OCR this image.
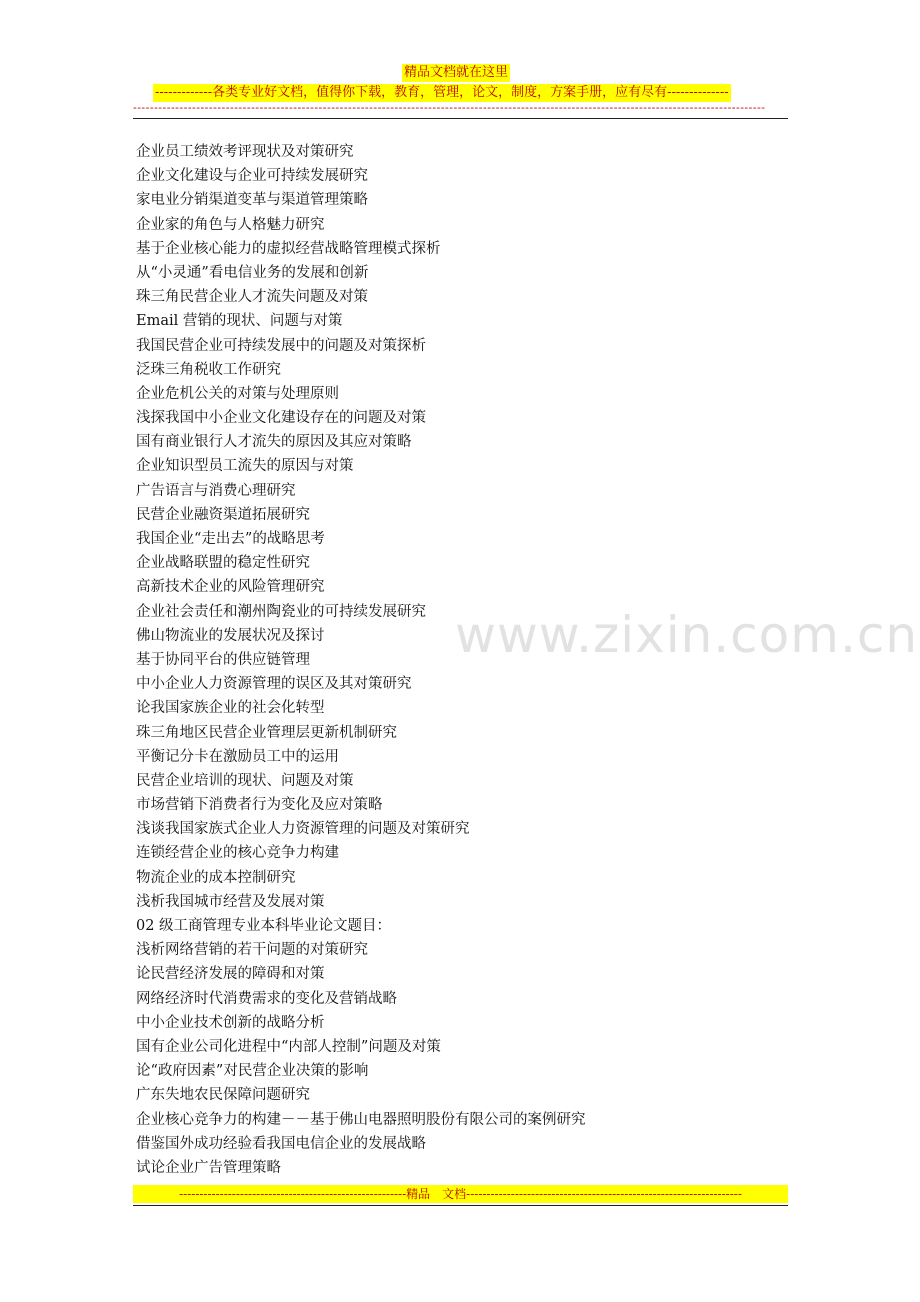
精品文档就在这里
-------------各类专业好文档，值得你下载，教育，管理，论文，制度，方案手册，应有尽有--------------
------------------------------------------------------------------------------------------------------------------------------------------------------
企业员工绩效考评现状及对策研究
企业文化建设与企业可持续发展研究
家电业分销渠道变革与渠道管理策略
企业家的角色与人格魅力研究
基于企业核心能力的虚拟经营战略管理模式探析
从“小灵通”看电信业务的发展和创新
珠三角民营企业人才流失问题及对策
Email 营销的现状、问题与对策
我国民营企业可持续发展中的问题及对策探析
泛珠三角税收工作研究
企业危机公关的对策与处理原则
浅探我国中小企业文化建设存在的问题及对策
国有商业银行人才流失的原因及其应对策略
企业知识型员工流失的原因与对策
广告语言与消费心理研究
民营企业融资渠道拓展研究
我国企业“走出去”的战略思考
企业战略联盟的稳定性研究
高新技术企业的风险管理研究
企业社会责任和潮州陶瓷业的可持续发展研究
佛山物流业的发展状况及探讨
基于协同平台的供应链管理
中小企业人力资源管理的误区及其对策研究
论我国家族企业的社会化转型
珠三角地区民营企业管理层更新机制研究
平衡记分卡在激励员工中的运用
民营企业培训的现状、问题及对策
市场营销下消费者行为变化及应对策略
浅谈我国家族式企业人力资源管理的问题及对策研究
连锁经营企业的核心竞争力构建
物流企业的成本控制研究
浅析我国城市经营及发展对策
02 级工商管理专业本科毕业论文题目：
浅析网络营销的若干问题的对策研究
论民营经济发展的障碍和对策
网络经济时代消费需求的变化及营销战略
中小企业技术创新的战略分析
国有企业公司化进程中“内部人控制”问题及对策
论“政府因素”对民营企业决策的影响
广东失地农民保障问题研究
企业核心竞争力的构建－－基于佛山电器照明股份有限公司的案例研究
借鉴国外成功经验看我国电信企业的发展战略
试论企业广告管理策略
www.zixin.com.cn
--------------------------------------------------------精品　文档--------------------------------------------------------------------
